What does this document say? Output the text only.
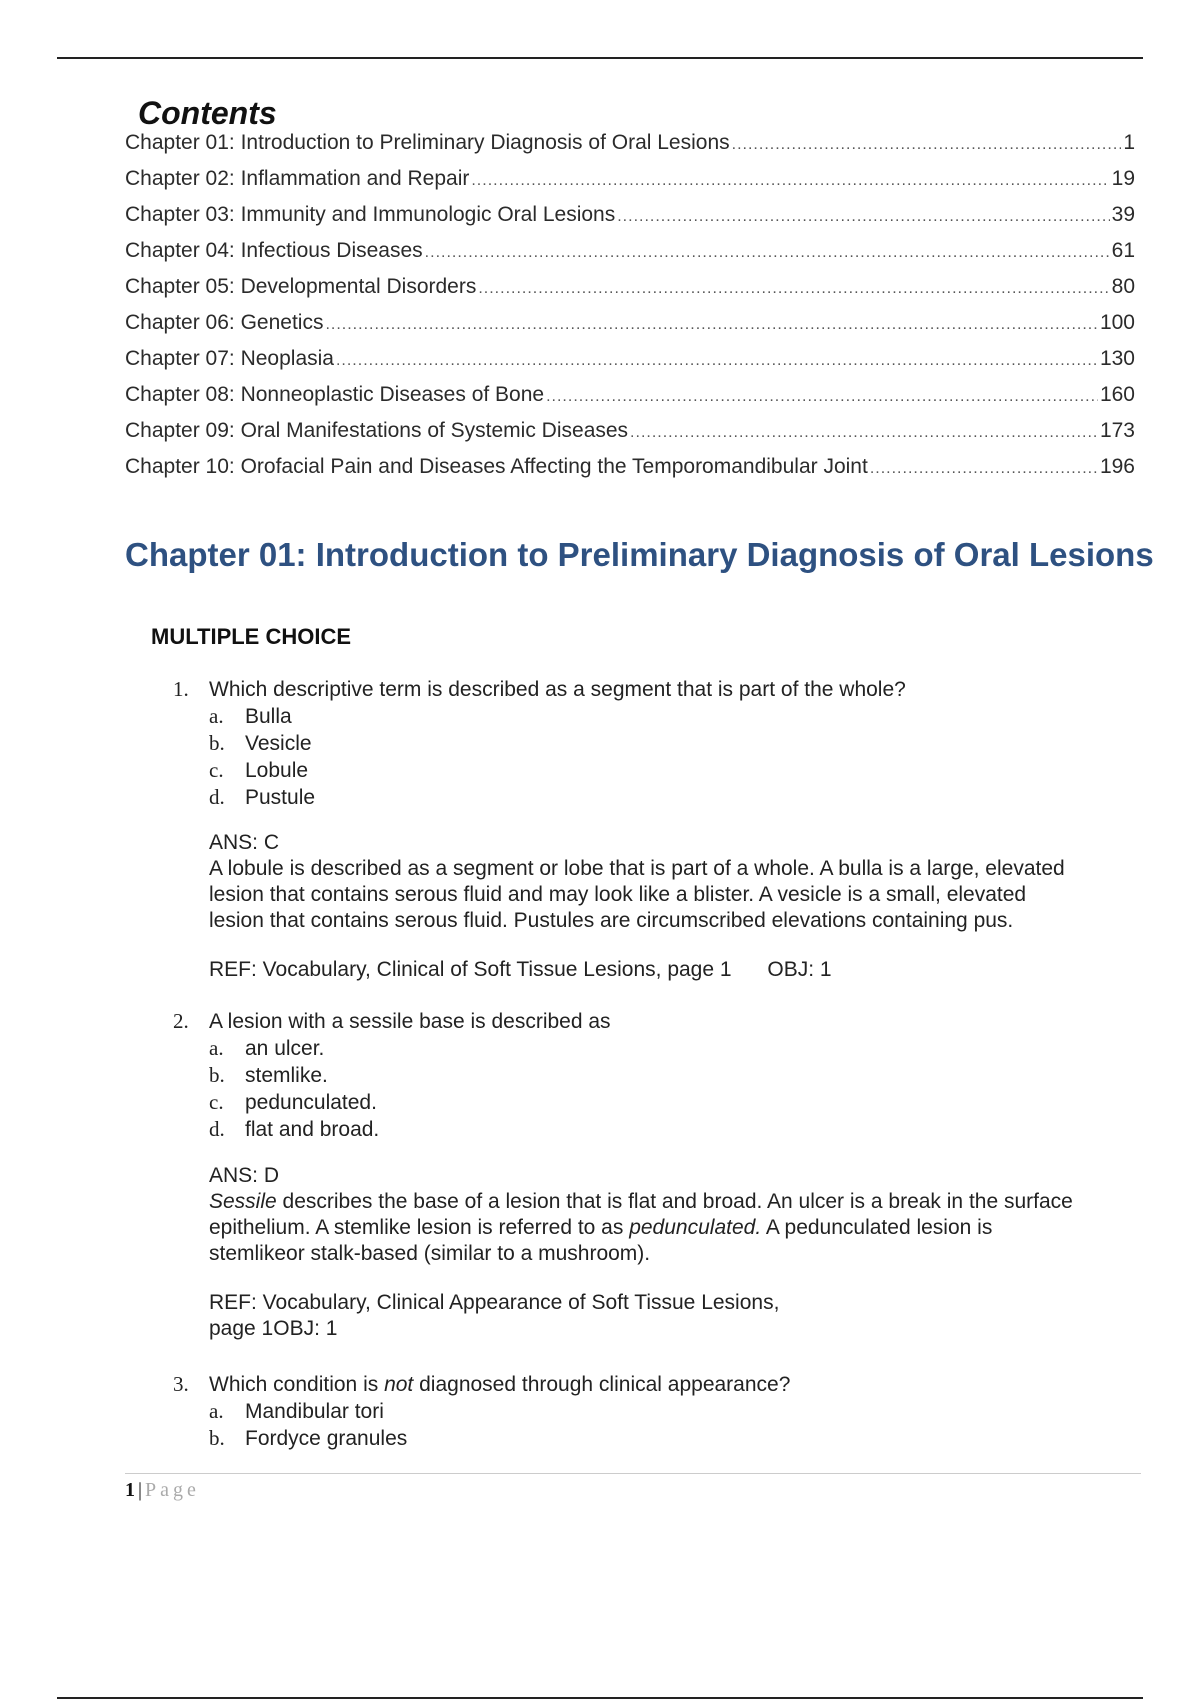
Contents
Chapter 01: Introduction to Preliminary Diagnosis of Oral Lesions .....	1
Chapter 02: Inflammation and Repair .....	19
Chapter 03: Immunity and Immunologic Oral Lesions .....	39
Chapter 04: Infectious Diseases .....	61
Chapter 05: Developmental Disorders .....	80
Chapter 06: Genetics .....	100
Chapter 07: Neoplasia .....	130
Chapter 08: Nonneoplastic Diseases of Bone .....	160
Chapter 09: Oral Manifestations of Systemic Diseases .....	173
Chapter 10: Orofacial Pain and Diseases Affecting the Temporomandibular Joint .....	196
Chapter 01: Introduction to Preliminary Diagnosis of Oral Lesions
MULTIPLE CHOICE
1. Which descriptive term is described as a segment that is part of the whole?
a.	Bulla
b. Vesicle
c.	Lobule
d. Pustule

ANS: C

A lobule is described as a segment or lobe that is part of a whole. A bulla is a large, elevated

lesion that contains serous fluid and may look like a blister. A vesicle is a small, elevated

lesion that contains serous fluid. Pustules are circumscribed elevations containing pus.

REF: Vocabulary, Clinical of Soft Tissue Lesions, page 1 OBJ: 1
2. A lesion with a sessile base is described as
a.	an ulcer.
b. stemlike.
c.	pedunculated.
d. flat and broad.

ANS: D

Sessile describes the base of a lesion that is flat and broad. An ulcer is a break in the surface

epithelium. A stemlike lesion is referred to as pedunculated. A pedunculated lesion is

stemlikeor stalk-based (similar to a mushroom).

REF: Vocabulary, Clinical Appearance of Soft Tissue Lesions,
page 1OBJ: 1
3. Which condition is not diagnosed through clinical appearance?
a.	Mandibular tori
b. Fordyce granules
1 | Page
